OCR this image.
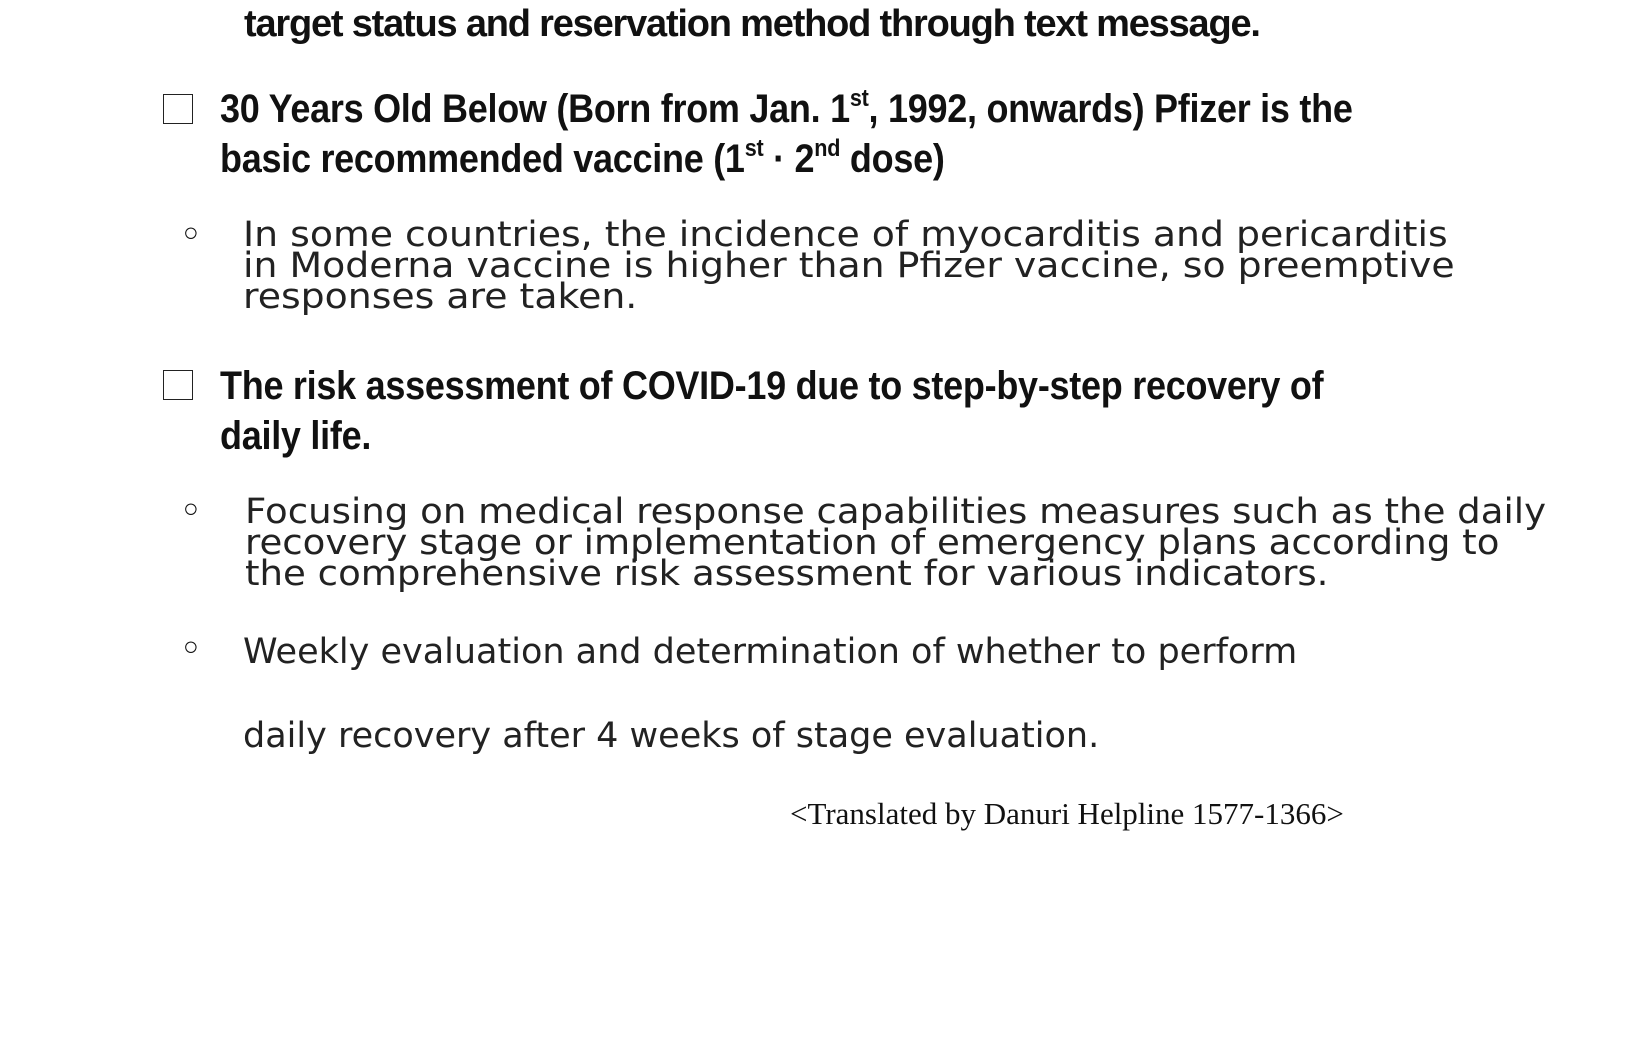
target status and reservation method through text message.
30 Years Old Below (Born from Jan. 1st, 1992, onwards) Pfizer is the
basic recommended vaccine (1st · 2nd dose)
○ In some countries, the incidence of myocarditis and pericarditis
in Moderna vaccine is higher than Pfizer vaccine, so preemptive
responses are taken.
The risk assessment of COVID-19 due to step-by-step recovery of
daily life.
○ Focusing on medical response capabilities measures such as the daily
recovery stage or implementation of emergency plans according to
the comprehensive risk assessment for various indicators.
○ Weekly evaluation and determination of whether to perform
daily recovery after 4 weeks of stage evaluation.
<Translated by Danuri Helpline 1577-1366>
